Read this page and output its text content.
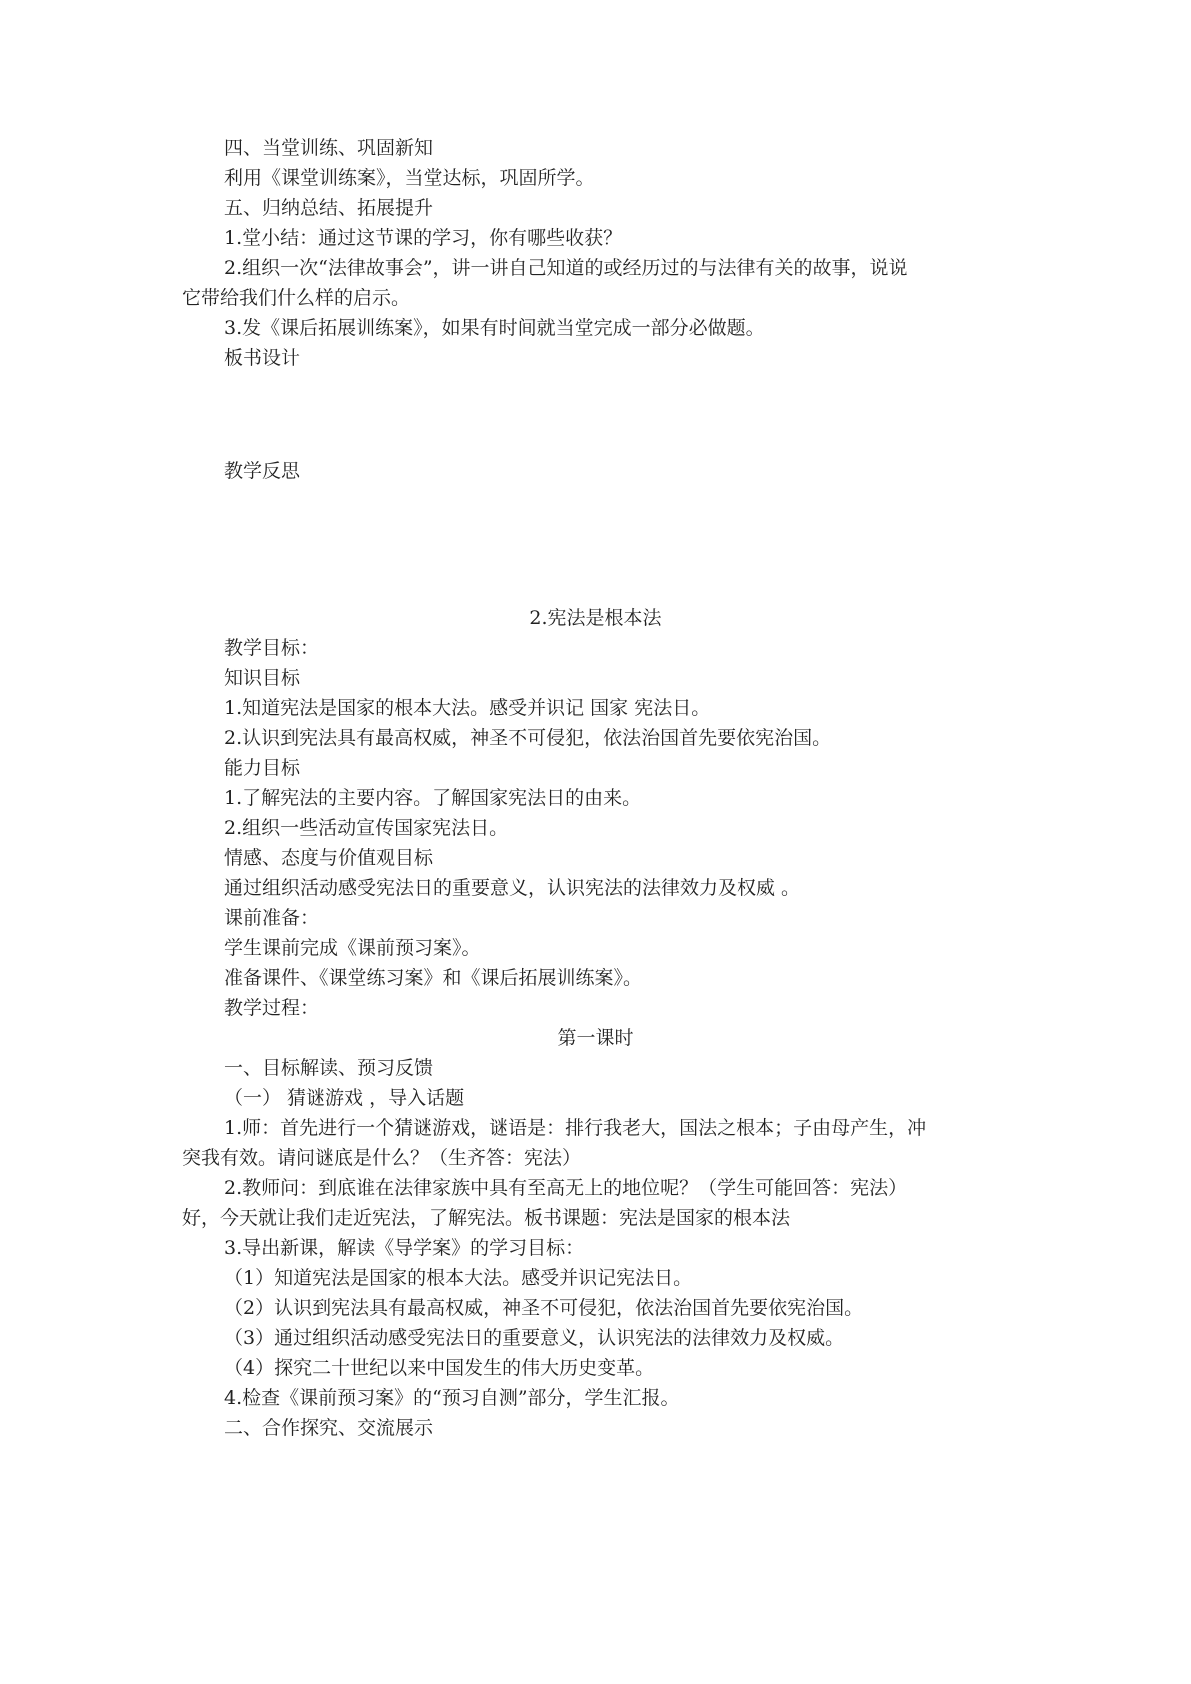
四、当堂训练、巩固新知
利用《课堂训练案》，当堂达标，巩固所学。
五、归纳总结、拓展提升
1.堂小结：通过这节课的学习，你有哪些收获？
2.组织一次“法律故事会”，讲一讲自己知道的或经历过的与法律有关的故事，说说
它带给我们什么样的启示。
3.发《课后拓展训练案》，如果有时间就当堂完成一部分必做题。
板书设计
教学反思
2.宪法是根本法
教学目标：
知识目标
1.知道宪法是国家的根本大法。感受并识记 国家 宪法日。
2.认识到宪法具有最高权威，神圣不可侵犯，依法治国首先要依宪治国。
能力目标
1.了解宪法的主要内容。了解国家宪法日的由来。
2.组织一些活动宣传国家宪法日。
情感、态度与价值观目标
通过组织活动感受宪法日的重要意义，认识宪法的法律效力及权威 。
课前准备：
学生课前完成《课前预习案》。
准备课件、《课堂练习案》和《课后拓展训练案》。
教学过程：
第一课时
一、目标解读、预习反馈
（一） 猜谜游戏 ，导入话题
1.师：首先进行一个猜谜游戏，谜语是：排行我老大，国法之根本；子由母产生，冲
突我有效。请问谜底是什么？（生齐答：宪法）
2.教师问：到底谁在法律家族中具有至高无上的地位呢？（学生可能回答：宪法）
好，今天就让我们走近宪法，了解宪法。板书课题：宪法是国家的根本法
3.导出新课，解读《导学案》的学习目标：
（1）知道宪法是国家的根本大法。感受并识记宪法日。
（2）认识到宪法具有最高权威，神圣不可侵犯，依法治国首先要依宪治国。
（3）通过组织活动感受宪法日的重要意义，认识宪法的法律效力及权威。
（4）探究二十世纪以来中国发生的伟大历史变革。
4.检查《课前预习案》的“预习自测”部分，学生汇报。
二、合作探究、交流展示
